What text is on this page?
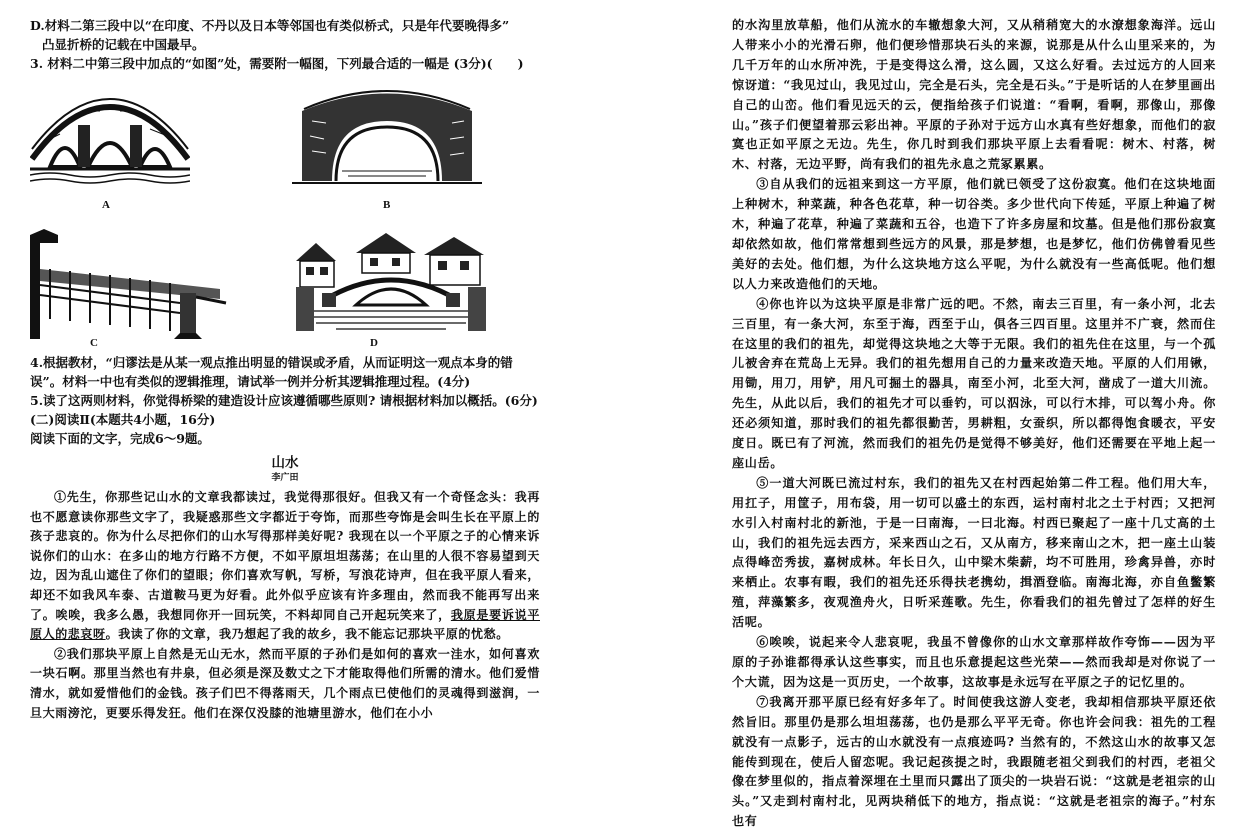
D.材料二第三段中以“在印度、不丹以及日本等邻国也有类似桥式，只是年代要晚得多”

凸显折桥的记载在中国最早。

3. 材料二中第三段中加点的“如图”处，需要附一幅图，下列最合适的一幅是 (3分)(　　)

A	B
C	D

4.根据教材，“归谬法是从某一观点推出明显的错误或矛盾，从而证明这一观点本身的错误”。材料一中也有类似的逻辑推理，请试举一例并分析其逻辑推理过程。(4分)

5.读了这两则材料，你觉得桥梁的建造设计应该遵循哪些原则? 请根据材料加以概括。(6分)

(二)阅读Ⅱ(本题共4小题，16分)

阅读下面的文字，完成6～9题。

山水

李广田

①先生，你那些记山水的文章我都读过，我觉得那很好。但我又有一个奇怪念头：我再也不愿意读你那些文字了，我疑惑那些文字都近于夸饰，而那些夸饰是会叫生长在平原上的孩子悲哀的。你为什么尽把你们的山水写得那样美好呢? 我现在以一个平原之子的心情来诉说你们的山水：在多山的地方行路不方便，不如平原坦坦荡荡；在山里的人很不容易望到天边，因为乱山遮住了你们的望眼；你们喜欢写帆，写桥，写浪花诗声，但在我平原人看来，却还不如我风车泰、古道鞍马更为好看。此外似乎应该有许多理由，然而我不能再写出来了。唉唉，我多么愚，我想同你开一回玩笑，不料却同自己开起玩笑来了，我原是要诉说平原人的悲哀呀。我读了你的文章，我乃想起了我的故乡，我不能忘记那块平原的忧愁。

②我们那块平原上自然是无山无水，然而平原的子孙们是如何的喜欢一洼水，如何喜欢一块石啊。那里当然也有井泉，但必须是深及数丈之下才能取得他们所需的清水。他们爱惜清水，就如爱惜他们的金钱。孩子们巴不得落雨天，几个雨点已使他们的灵魂得到滋润，一旦大雨滂沱，更要乐得发狂。他们在深仅没膝的池塘里游水，他们在小小

的水沟里放草船，他们从流水的车辙想象大河，又从稍稍宽大的水潦想象海洋。远山人带来小小的光滑石卵，他们便珍惜那块石头的来源，说那是从什么山里采来的，为几千万年的山水所冲洗，于是变得这么滑，这么圆，又这么好看。去过远方的人回来惊讶道：“我见过山，我见过山，完全是石头，完全是石头。”于是听话的人在梦里画出自己的山峦。他们看见远天的云，便指给孩子们说道：“看啊，看啊，那像山，那像山。”孩子们便望着那云彩出神。平原的子孙对于远方山水真有些好想象，而他们的寂寞也正如平原之无边。先生，你几时到我们那块平原上去看看呢：树木、村落，树木、村落，无边平野，尚有我们的祖先永息之荒冢累累。

③自从我们的远祖来到这一方平原，他们就已领受了这份寂寞。他们在这块地面上种树木，种菜蔬，种各色花草，种一切谷类。多少世代向下传延，平原上种遍了树木，种遍了花草，种遍了菜蔬和五谷，也造下了许多房屋和坟墓。但是他们那份寂寞却依然如故，他们常常想到些远方的风景，那是梦想，也是梦忆，他们仿佛曾看见些美好的去处。他们想，为什么这块地方这么平呢，为什么就没有一些高低呢。他们想以人力来改造他们的天地。

④你也许以为这块平原是非常广远的吧。不然，南去三百里，有一条小河，北去三百里，有一条大河，东至于海，西至于山，俱各三四百里。这里并不广衰，然而住在这里的我们的祖先，却觉得这块地之大等于无限。我们的祖先住在这里，与一个孤儿被舍弃在荒岛上无异。我们的祖先想用自己的力量来改造天地。平原的人们用锹，用锄，用刀，用铲，用凡可掘土的器具，南至小河，北至大河，凿成了一道大川流。先生，从此以后，我们的祖先才可以垂钓，可以泅泳，可以行木排，可以驾小舟。你还必须知道，那时我们的祖先都很勤苦，男耕粗，女蚕织，所以都得饱食暖衣，平安度日。既已有了河流，然而我们的祖先仍是觉得不够美好，他们还需要在平地上起一座山岳。

⑤一道大河既已流过村东，我们的祖先又在村西起始第二件工程。他们用大车，用扛子，用筐子，用布袋，用一切可以盛土的东西，运村南村北之土于村西；又把河水引入村南村北的新池，于是一曰南海，一曰北海。村西已聚起了一座十几丈高的土山，我们的祖先远去西方，采来西山之石，又从南方，移来南山之木，把一座土山装点得峰峦秀拔，嘉树成林。年长日久，山中梁木柴薪，均不可胜用，珍禽异兽，亦时来栖止。农事有暇，我们的祖先还乐得扶老携幼，揖酒登临。南海北海，亦自鱼鳖繁殖，萍藻繁多，夜观渔舟火，日听采莲歌。先生，你看我们的祖先曾过了怎样的好生活呢。

⑥唉唉，说起来令人悲哀呢，我虽不曾像你的山水文章那样故作夸饰——因为平原的子孙谁都得承认这些事实，而且也乐意提起这些光荣——然而我却是对你说了一个大谎，因为这是一页历史，一个故事，这故事是永远写在平原之子的记忆里的。

⑦我离开那平原已经有好多年了。时间使我这游人变老，我却相信那块平原还依然旨旧。那里仍是那么坦坦荡荡，也仍是那么平平无奇。你也许会问我：祖先的工程就没有一点影子，远古的山水就没有一点痕迹吗? 当然有的，不然这山水的故事又怎能传到现在，使后人留恋呢。我记起孩提之时，我跟随老祖父到我们的村西，老祖父像在梦里似的，指点着深埋在土里而只露出了顶尖的一块岩石说：“这就是老祖宗的山头。”又走到村南村北，见两块稍低下的地方，指点说：“这就是老祖宗的海子。”村东也有
